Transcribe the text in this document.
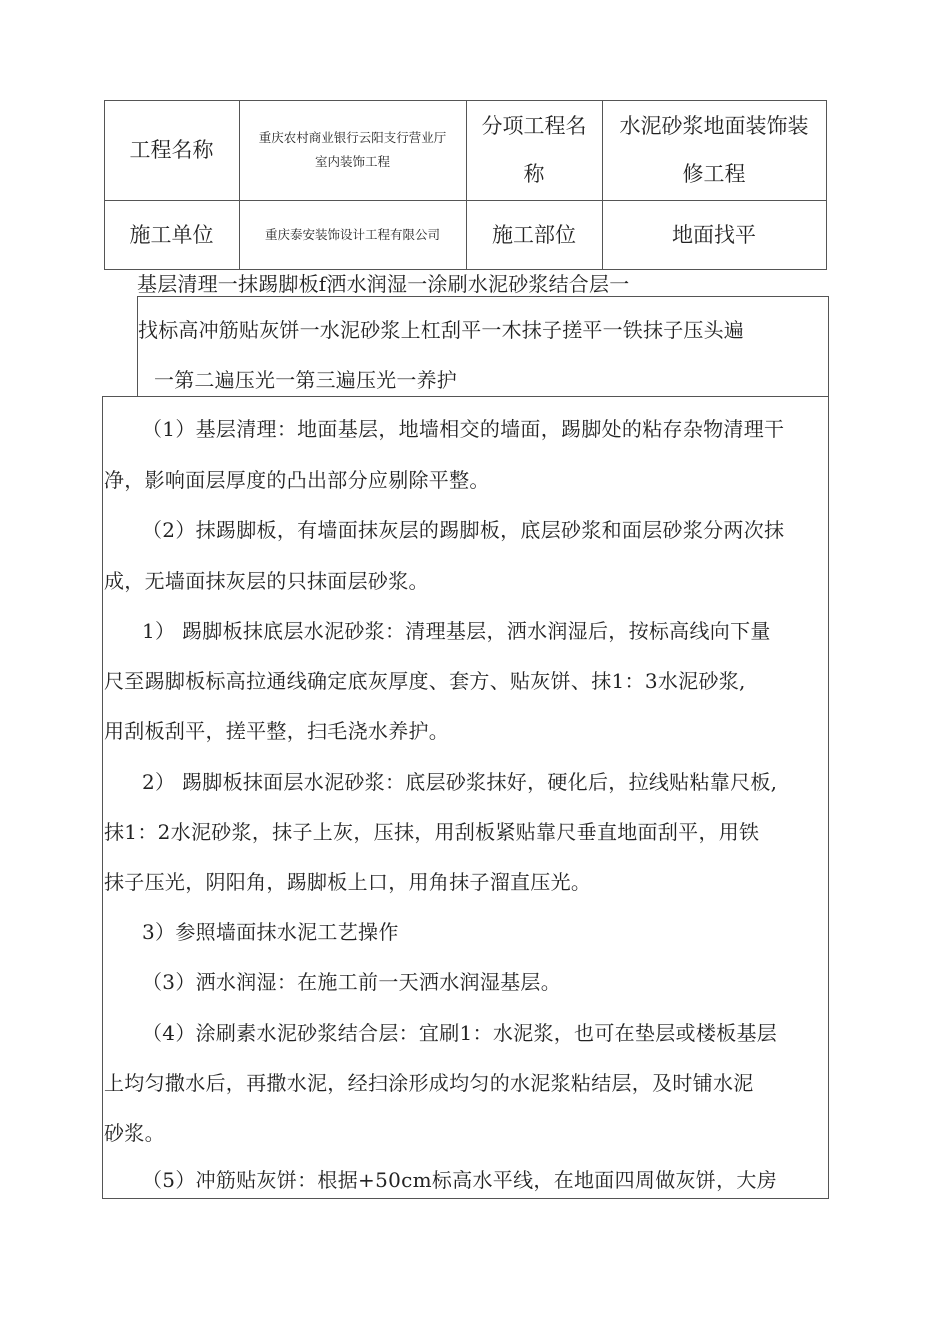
工程名称
重庆农村商业银行云阳支行营业厅
室内装饰工程
分项工程名
称
水泥砂浆地面装饰装
修工程
施工单位	重庆泰安装饰设计工程有限公司 施工部位	地面找平
基层清理一抹踢脚板f洒水润湿一涂刷水泥砂浆结合层一
找标高冲筋贴灰饼一水泥砂浆上杠刮平一木抹子搓平一铁抹子压头遍
一第二遍压光一第三遍压光一养护
（1）基层清理：地面基层，地墙相交的墙面，踢脚处的粘存杂物清理干
净，影响面层厚度的凸出部分应剔除平整。
（2）抹踢脚板，有墙面抹灰层的踢脚板，底层砂浆和面层砂浆分两次抹
成，无墙面抹灰层的只抹面层砂浆。
1） 踢脚板抹底层水泥砂浆：清理基层，洒水润湿后，按标高线向下量
尺至踢脚板标高拉通线确定底灰厚度、套方、贴灰饼、抹1：3水泥砂浆,
用刮板刮平，搓平整，扫毛浇水养护。
2） 踢脚板抹面层水泥砂浆：底层砂浆抹好，硬化后，拉线贴粘靠尺板,
抹1：2水泥砂浆，抹子上灰，压抹，用刮板紧贴靠尺垂直地面刮平，用铁
抹子压光，阴阳角，踢脚板上口，用角抹子溜直压光。
3）参照墙面抹水泥工艺操作
（3）洒水润湿：在施工前一天洒水润湿基层。
（4）涂刷素水泥砂浆结合层：宜刷1：水泥浆，也可在垫层或楼板基层
上均匀撒水后，再撒水泥，经扫涂形成均匀的水泥浆粘结层，及时铺水泥
砂浆。
（5）冲筋贴灰饼：根据+50cm标高水平线，在地面四周做灰饼，大房
